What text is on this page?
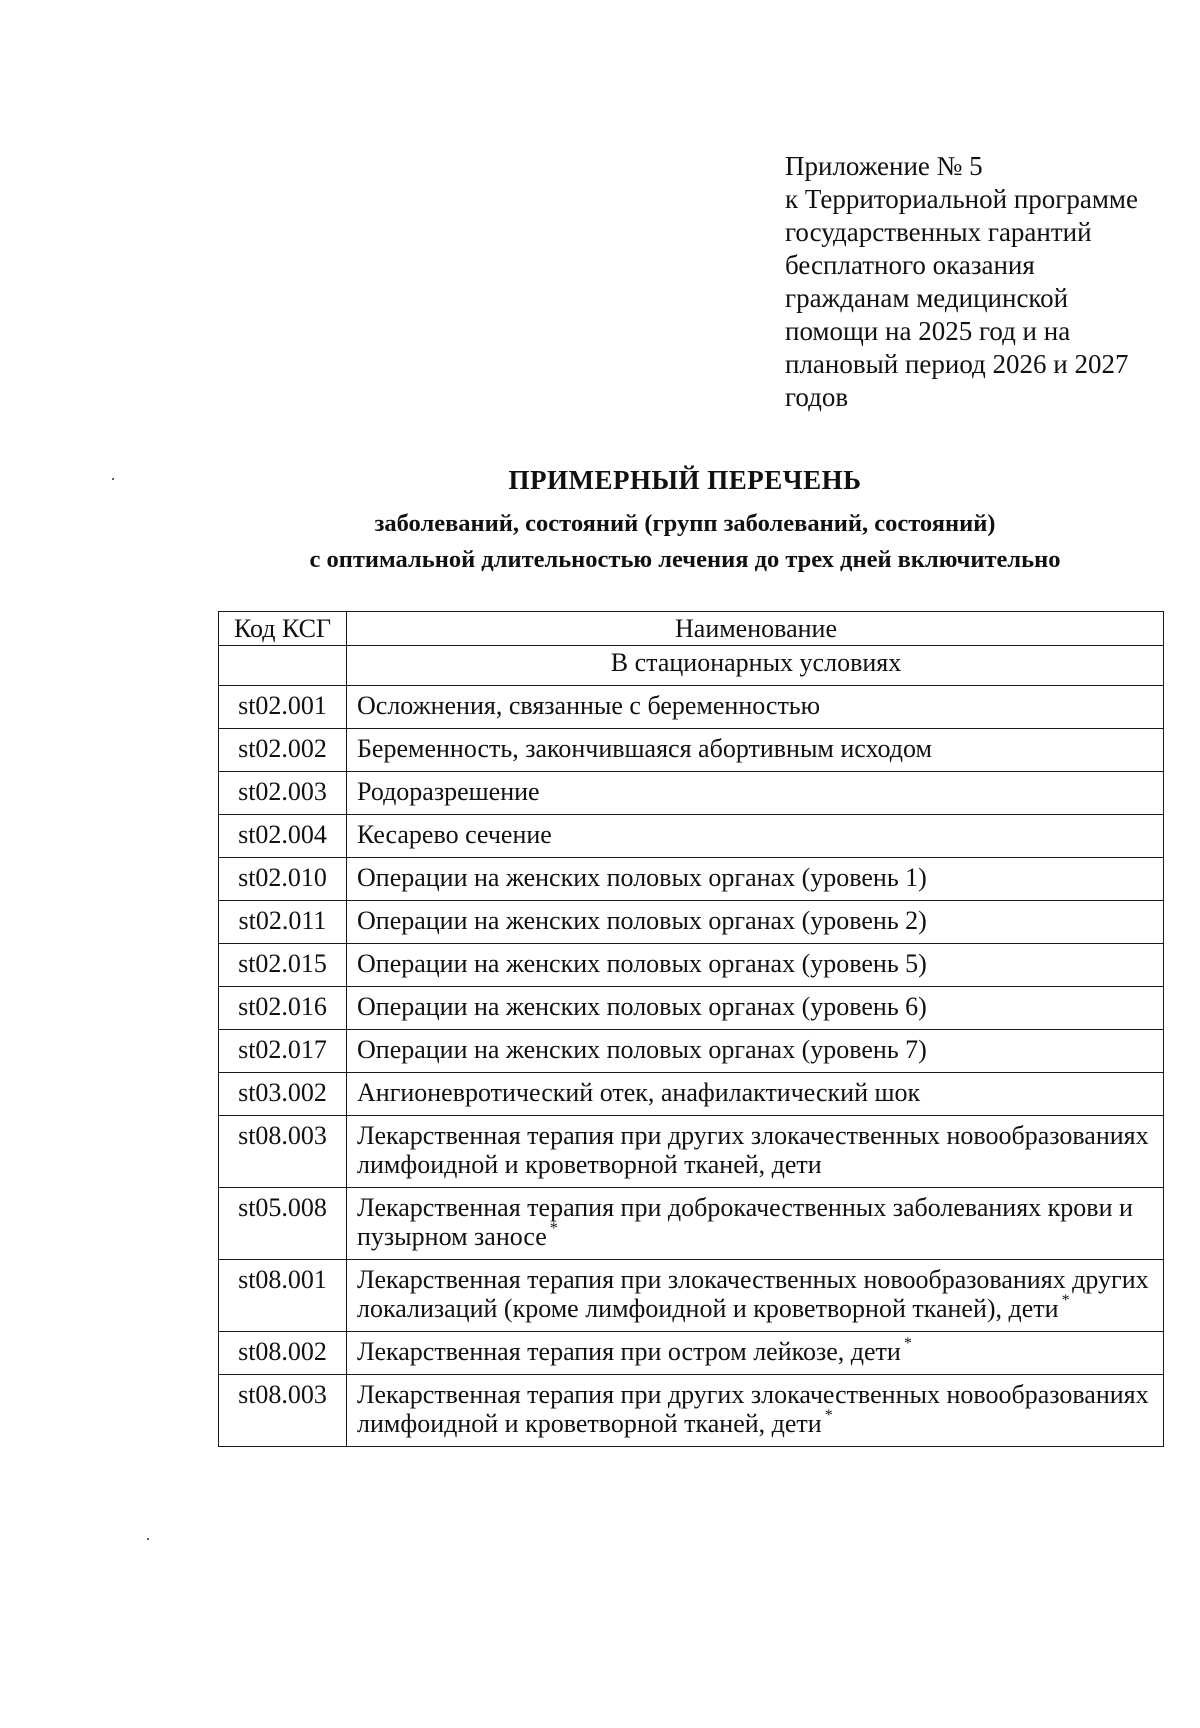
Приложение № 5
к Территориальной программе
государственных гарантий
бесплатного оказания
гражданам медицинской
помощи на 2025 год и на
плановый период 2026 и 2027
годов
ПРИМЕРНЫЙ ПЕРЕЧЕНЬ
заболеваний, состояний (групп заболеваний, состояний)
с оптимальной длительностью лечения до трех дней включительно
Код КСГ	Наименование
	В стационарных условиях
st02.001	Осложнения, связанные с беременностью
st02.002	Беременность, закончившаяся абортивным исходом
st02.003	Родоразрешение
st02.004	Кесарево сечение
st02.010	Операции на женских половых органах (уровень 1)
st02.011	Операции на женских половых органах (уровень 2)
st02.015	Операции на женских половых органах (уровень 5)
st02.016	Операции на женских половых органах (уровень 6)
st02.017	Операции на женских половых органах (уровень 7)
st03.002	Ангионевротический отек, анафилактический шок
st08.003	Лекарственная терапия при других злокачественных новообразованиях лимфоидной и кроветворной тканей, дети
st05.008	Лекарственная терапия при доброкачественных заболеваниях крови и пузырном заносе *
st08.001	Лекарственная терапия при злокачественных новообразованиях других локализаций (кроме лимфоидной и кроветворной тканей), дети *
st08.002	Лекарственная терапия при остром лейкозе, дети *
st08.003	Лекарственная терапия при других злокачественных новообразованиях лимфоидной и кроветворной тканей, дети *
